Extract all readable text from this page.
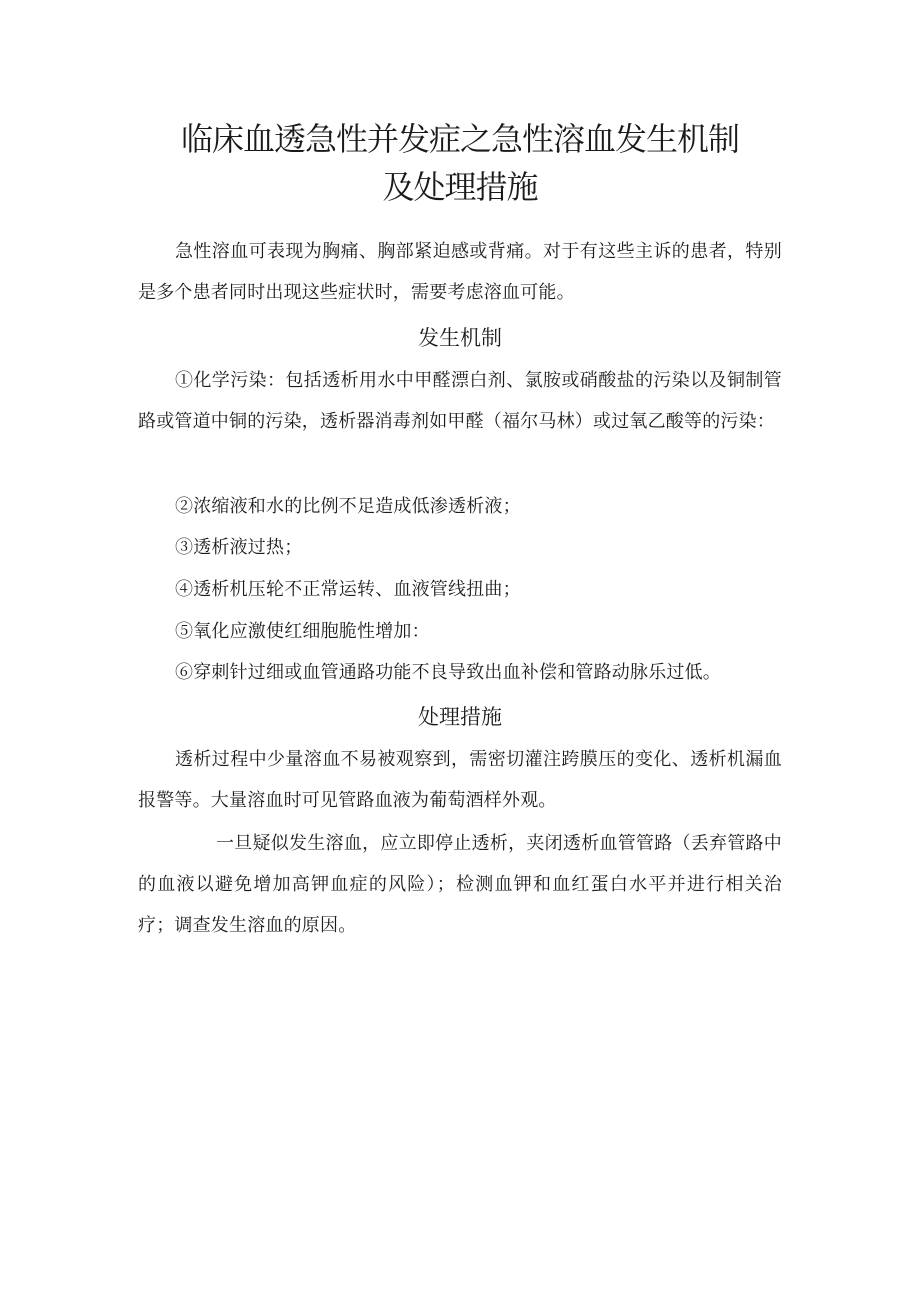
临床血透急性并发症之急性溶血发生机制
及处理措施

急性溶血可表现为胸痛、胸部紧迫感或背痛。对于有这些主诉的患者，特别是多个患者同时出现这些症状时，需要考虑溶血可能。

发生机制

①化学污染：包括透析用水中甲醛漂白剂、氯胺或硝酸盐的污染以及铜制管路或管道中铜的污染，透析器消毒剂如甲醛（福尔马林）或过氧乙酸等的污染：

②浓缩液和水的比例不足造成低渗透析液；

③透析液过热；

④透析机压轮不正常运转、血液管线扭曲；

⑤氧化应激使红细胞脆性增加：

⑥穿刺针过细或血管通路功能不良导致出血补偿和管路动脉乐过低。

处理措施

透析过程中少量溶血不易被观察到，需密切灌注跨膜压的变化、透析机漏血报警等。大量溶血时可见管路血液为葡萄酒样外观。

一旦疑似发生溶血，应立即停止透析，夹闭透析血管管路（丢弃管路中的血液以避免增加高钾血症的风险）；检测血钾和血红蛋白水平并进行相关治疗；调查发生溶血的原因。
